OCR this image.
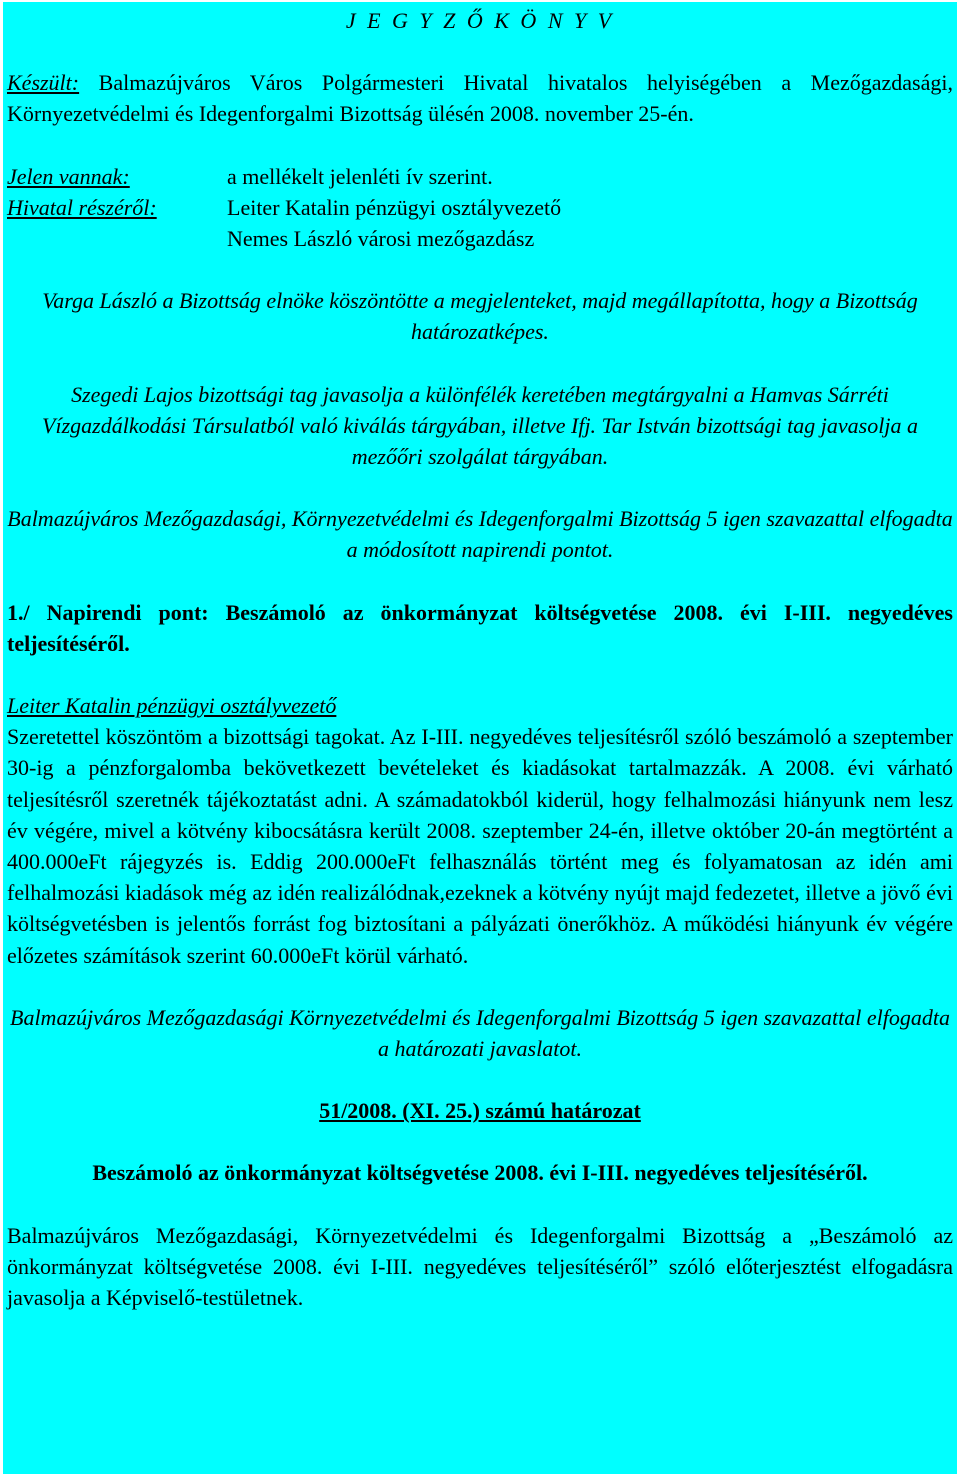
J E G Y Z Ő K Ö N Y V

Készült: Balmazújváros Város Polgármesteri Hivatal hivatalos helyiségében a Mezőgazdasági, Környezetvédelmi és Idegenforgalmi Bizottság ülésén 2008. november 25-én.

Jelen vannak:	a mellékelt jelenléti ív szerint.
Hivatal részéről:	Leiter Katalin pénzügyi osztályvezető
Nemes László városi mezőgazdász

Varga László a Bizottság elnöke köszöntötte a megjelenteket, majd megállapította, hogy a Bizottság határozatképes.

Szegedi Lajos bizottsági tag javasolja a különfélék keretében megtárgyalni a Hamvas Sárréti Vízgazdálkodási Társulatból való kiválás tárgyában, illetve Ifj. Tar István bizottsági tag javasolja a mezőőri szolgálat tárgyában.

Balmazújváros Mezőgazdasági, Környezetvédelmi és Idegenforgalmi Bizottság 5 igen szavazattal elfogadta a módosított napirendi pontot.

1./ Napirendi pont: Beszámoló az önkormányzat költségvetése 2008. évi I-III. negyedéves teljesítéséről.

Leiter Katalin pénzügyi osztályvezető

Szeretettel köszöntöm a bizottsági tagokat. Az I-III. negyedéves teljesítésről szóló beszámoló a szeptember 30-ig a pénzforgalomba bekövetkezett bevételeket és kiadásokat tartalmazzák. A 2008. évi várható teljesítésről szeretnék tájékoztatást adni. A számadatokból kiderül, hogy felhalmozási hiányunk nem lesz év végére, mivel a kötvény kibocsátásra került 2008. szeptember 24-én, illetve október 20-án megtörtént a 400.000eFt rájegyzés is. Eddig 200.000eFt felhasználás történt meg és folyamatosan az idén ami felhalmozási kiadások még az idén realizálódnak,ezeknek a kötvény nyújt majd fedezetet, illetve a jövő évi költségvetésben is jelentős forrást fog biztosítani a pályázati önerőkhöz. A működési hiányunk év végére előzetes számítások szerint 60.000eFt körül várható.

Balmazújváros Mezőgazdasági Környezetvédelmi és Idegenforgalmi Bizottság 5 igen szavazattal elfogadta a határozati javaslatot.

51/2008. (XI. 25.) számú határozat

Beszámoló az önkormányzat költségvetése 2008. évi I-III. negyedéves teljesítéséről.

Balmazújváros Mezőgazdasági, Környezetvédelmi és Idegenforgalmi Bizottság a „Beszámoló az önkormányzat költségvetése 2008. évi I-III. negyedéves teljesítéséről” szóló előterjesztést elfogadásra javasolja a Képviselő-testületnek.
